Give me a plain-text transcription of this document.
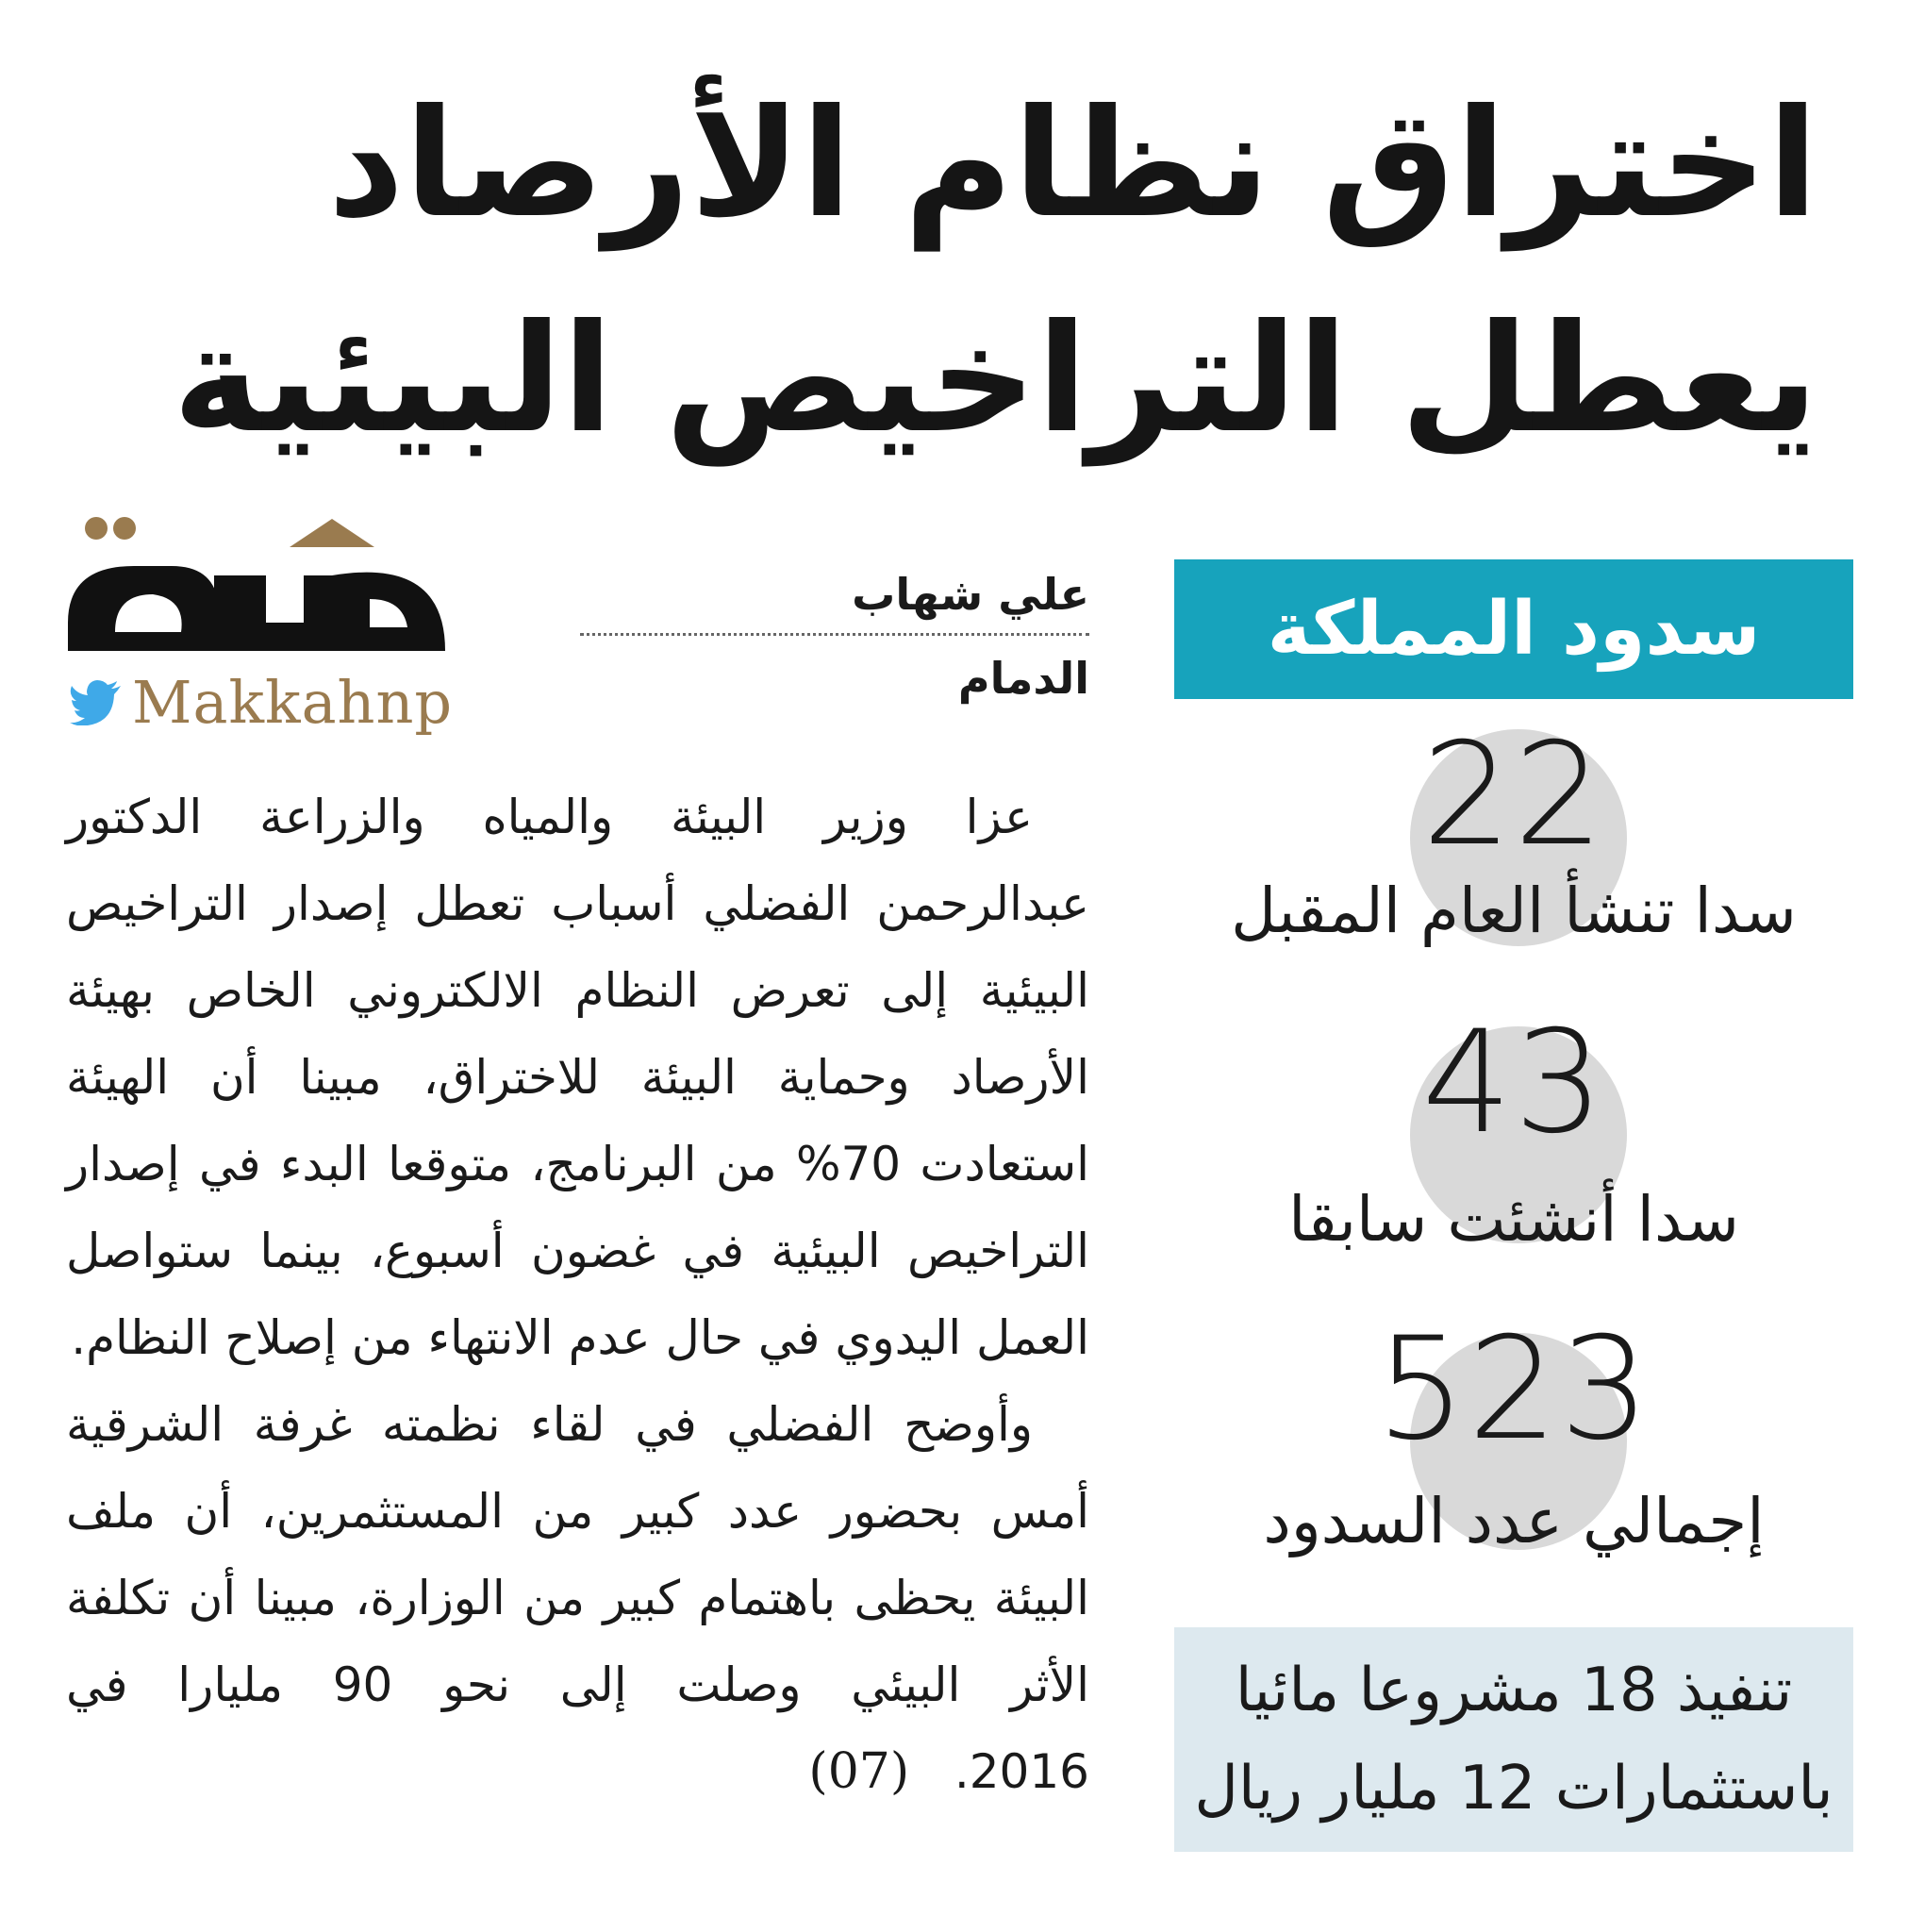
اختراق نظام الأرصاد يعطل التراخيص البيئية
Makkahnp
علي شهاب
الدمام

عزا وزير البيئة والمياه والزراعة الدكتور عبدالرحمن الفضلي أسباب تعطل إصدار التراخيص البيئية إلى تعرض النظام الالكتروني الخاص بهيئة الأرصاد وحماية البيئة للاختراق، مبينا أن الهيئة استعادت 70% من البرنامج، متوقعا البدء في إصدار التراخيص البيئية في غضون أسبوع، بينما ستواصل العمل اليدوي في حال عدم الانتهاء من إصلاح النظام.

وأوضح الفضلي في لقاء نظمته غرفة الشرقية أمس بحضور عدد كبير من المستثمرين، أن ملف البيئة يحظى باهتمام كبير من الوزارة، مبينا أن تكلفة الأثر البيئي وصلت إلى نحو 90 مليارا في 2016.   (07)

سدود المملكة
22
سدا تنشأ العام المقبل
43
سدا أنشئت سابقا
523
إجمالي عدد السدود
تنفيذ 18 مشروعا مائيا
باستثمارات 12 مليار ريال
